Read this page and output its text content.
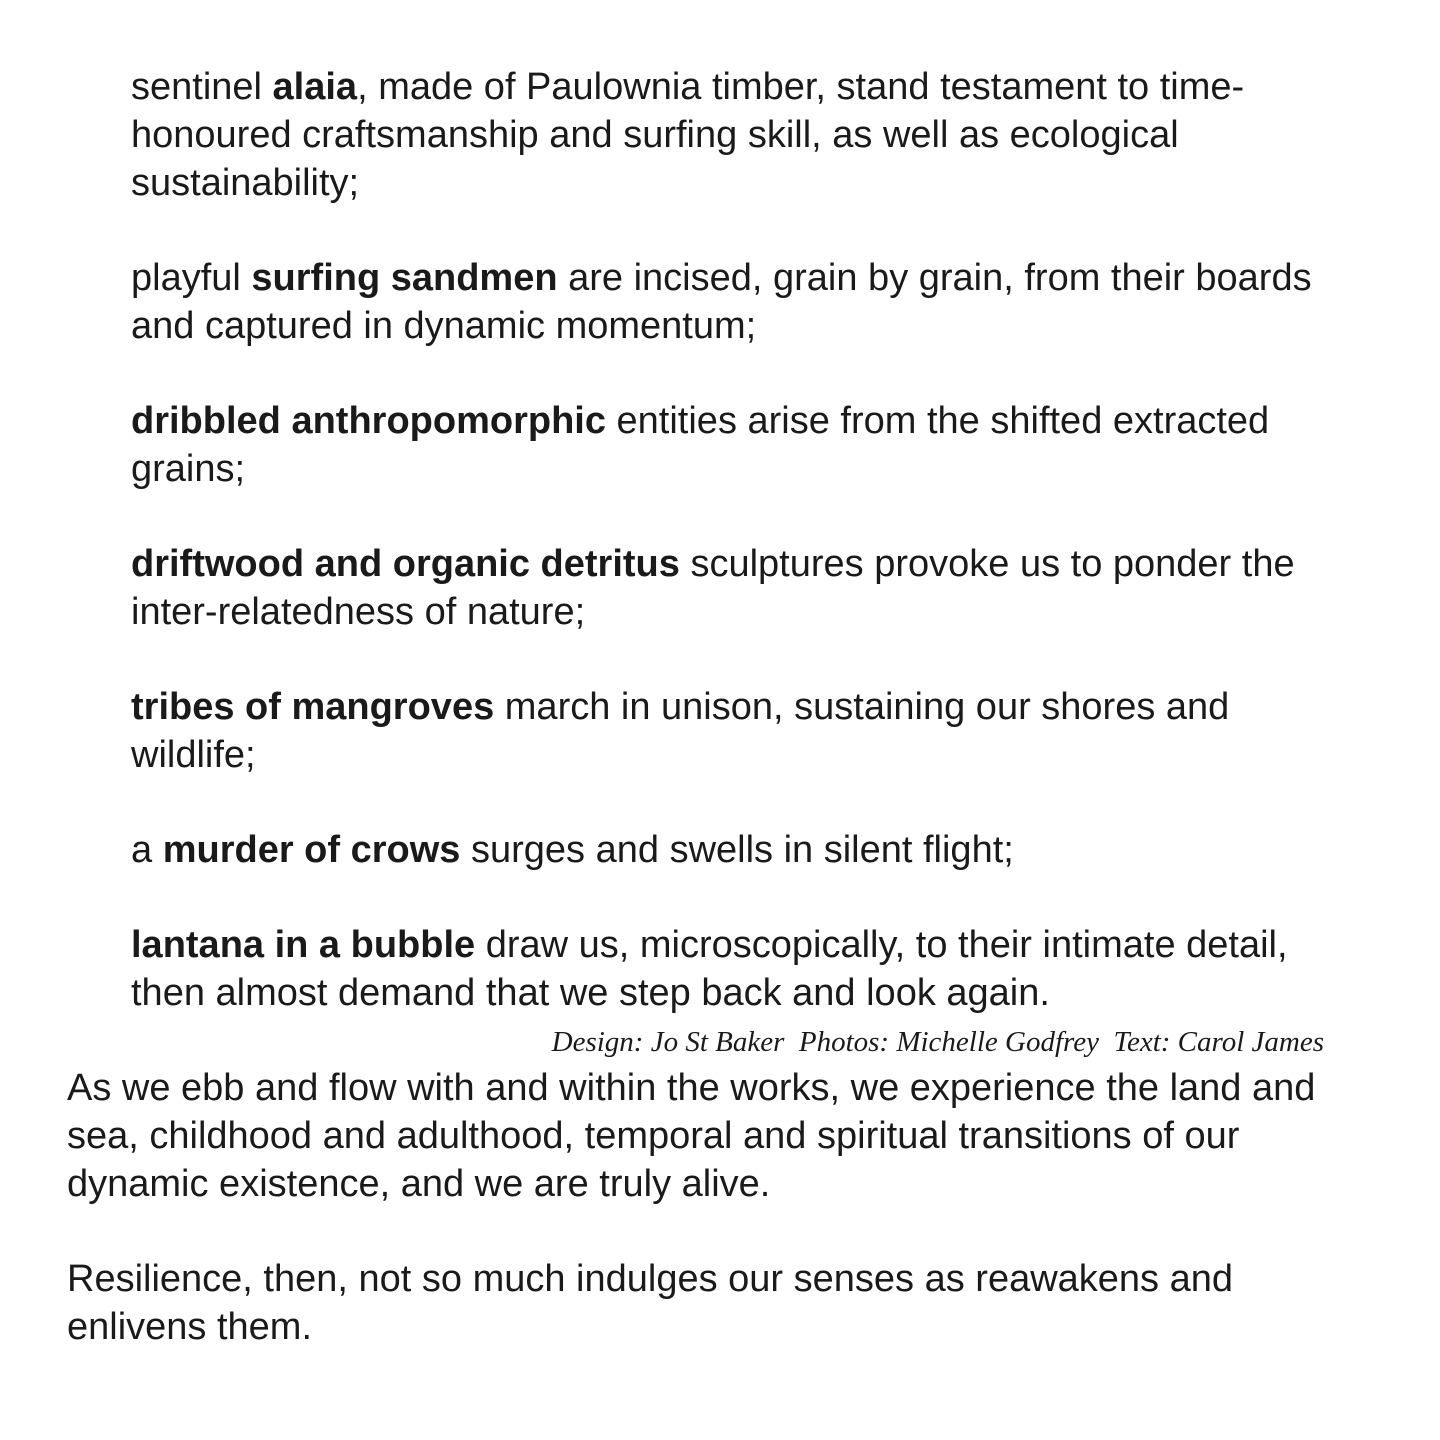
sentinel alaia, made of Paulownia timber, stand testament to time-honoured craftsmanship and surfing skill, as well as ecological sustainability;

playful surfing sandmen are incised, grain by grain, from their boards and captured in dynamic momentum;

dribbled anthropomorphic entities arise from the shifted extracted grains;

driftwood and organic detritus sculptures provoke us to ponder the inter-relatedness of nature;

tribes of mangroves march in unison, sustaining our shores and wildlife;

a murder of crows surges and swells in silent flight;

lantana in a bubble draw us, microscopically, to their intimate detail, then almost demand that we step back and look again.

As we ebb and flow with and within the works, we experience the land and sea, childhood and adulthood, temporal and spiritual transitions of our dynamic existence, and we are truly alive.

Resilience, then, not so much indulges our senses as reawakens and enlivens them.

Design: Jo St Baker  Photos: Michelle Godfrey  Text: Carol James
